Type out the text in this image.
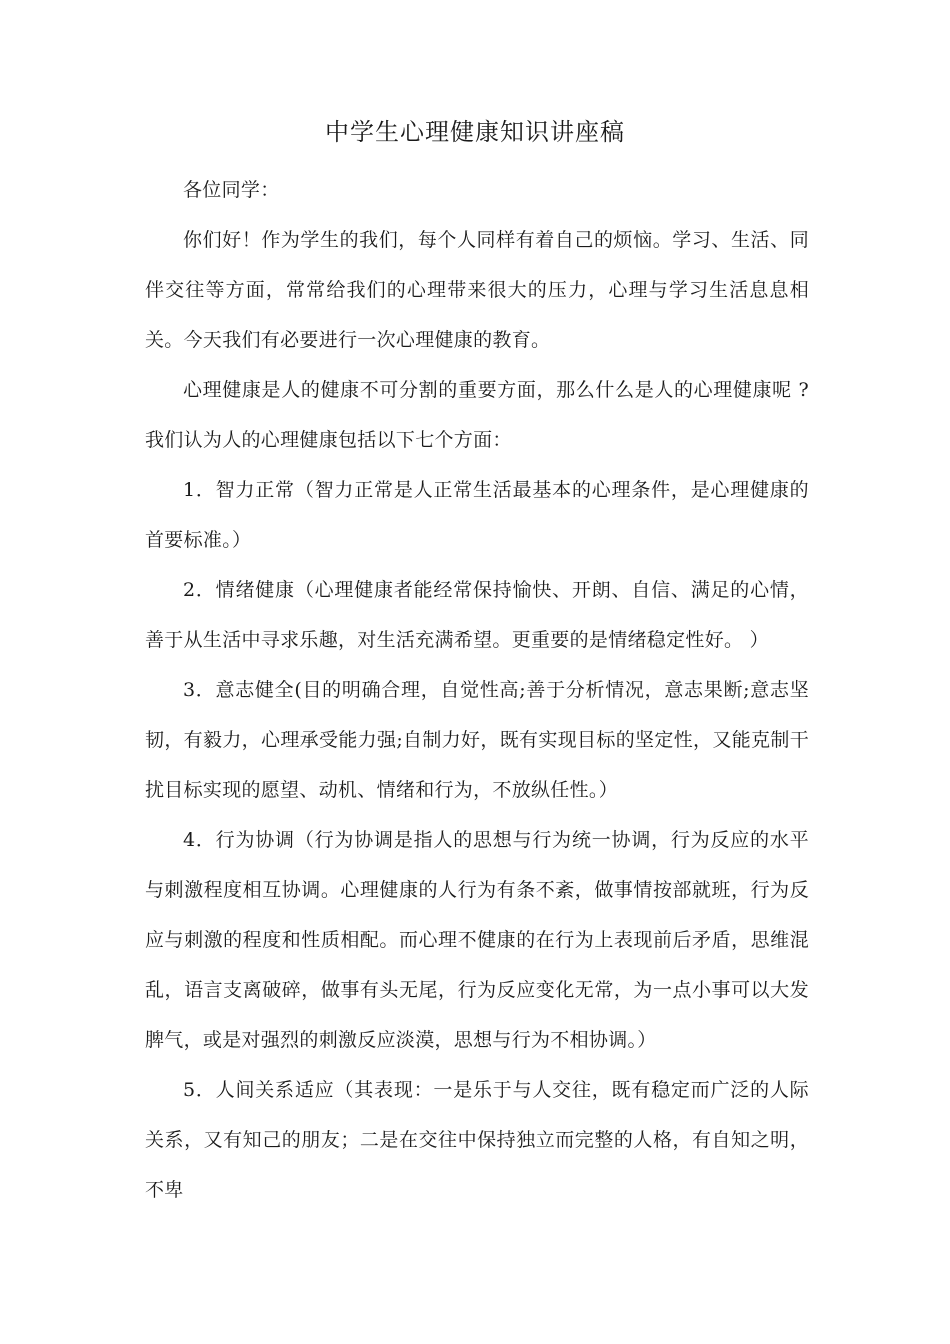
中学生心理健康知识讲座稿

各位同学：

你们好！作为学生的我们，每个人同样有着自己的烦恼。学习、生活、同伴交往等方面，常常给我们的心理带来很大的压力，心理与学习生活息息相关。今天我们有必要进行一次心理健康的教育。

心理健康是人的健康不可分割的重要方面，那么什么是人的心理健康呢 ?我们认为人的心理健康包括以下七个方面：

1．智力正常（智力正常是人正常生活最基本的心理条件，是心理健康的首要标准。）

2．情绪健康（心理健康者能经常保持愉快、开朗、自信、满足的心情，善于从生活中寻求乐趣，对生活充满希望。更重要的是情绪稳定性好。 ）

3．意志健全(目的明确合理，自觉性高;善于分析情况，意志果断;意志坚韧，有毅力，心理承受能力强;自制力好，既有实现目标的坚定性，又能克制干扰目标实现的愿望、动机、情绪和行为，不放纵任性。）

4．行为协调（行为协调是指人的思想与行为统一协调，行为反应的水平与刺激程度相互协调。心理健康的人行为有条不紊，做事情按部就班，行为反应与刺激的程度和性质相配。而心理不健康的在行为上表现前后矛盾，思维混乱，语言支离破碎，做事有头无尾，行为反应变化无常，为一点小事可以大发脾气，或是对强烈的刺激反应淡漠，思想与行为不相协调。）

5．人间关系适应（其表现：一是乐于与人交往，既有稳定而广泛的人际关系，又有知己的朋友；二是在交往中保持独立而完整的人格，有自知之明，不卑
